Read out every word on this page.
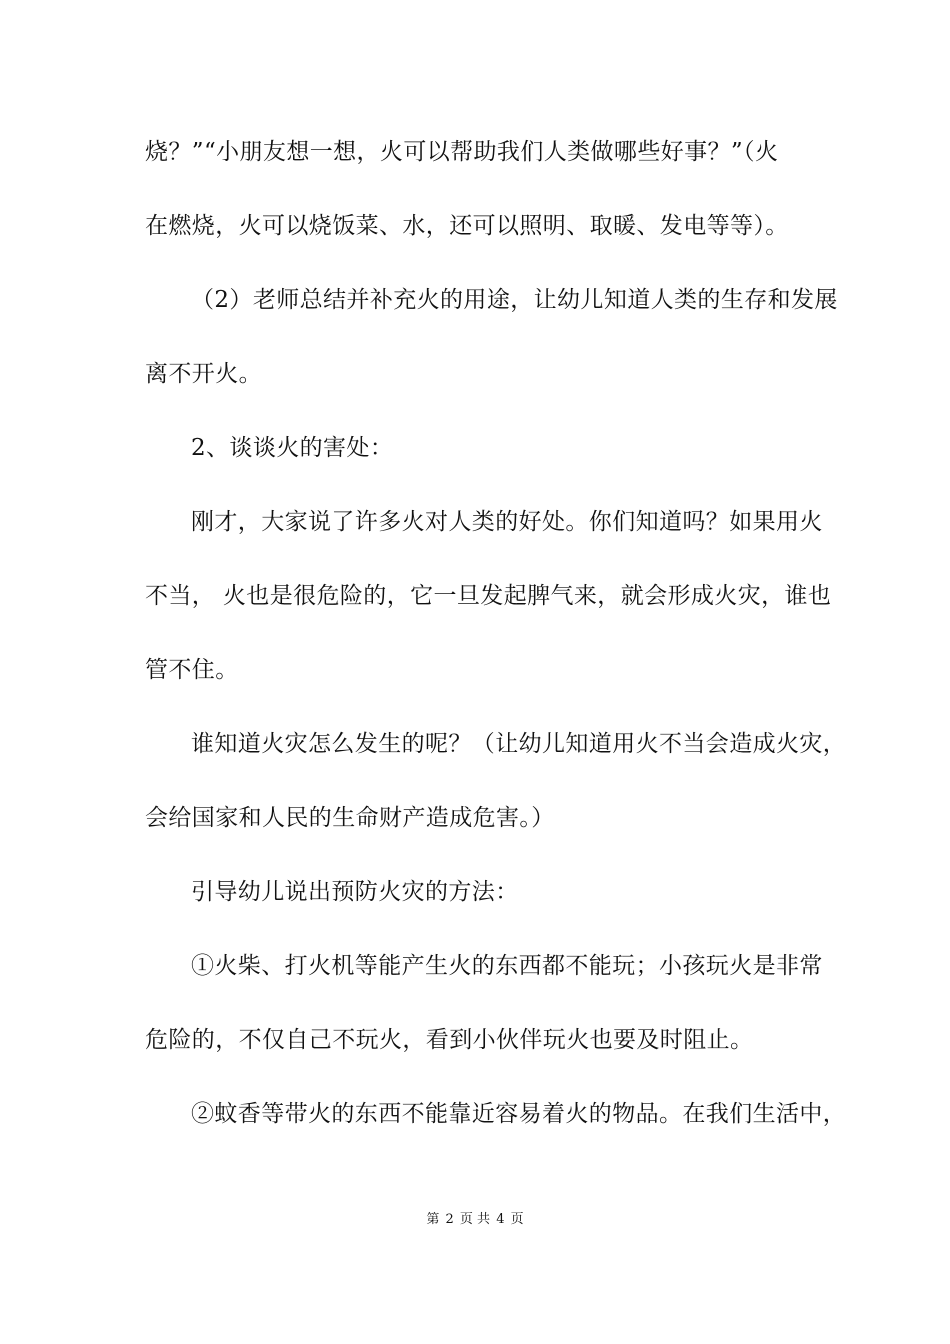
烧？”“小朋友想一想，火可以帮助我们人类做哪些好事？”（火
在燃烧，火可以烧饭菜、水，还可以照明、取暖、发电等等）。
（2）老师总结并补充火的用途，让幼儿知道人类的生存和发展
离不开火。
2、谈谈火的害处：
刚才，大家说了许多火对人类的好处。你们知道吗？如果用火
不当， 火也是很危险的，它一旦发起脾气来，就会形成火灾，谁也
管不住。
谁知道火灾怎么发生的呢？（让幼儿知道用火不当会造成火灾，
会给国家和人民的生命财产造成危害。）
引导幼儿说出预防火灾的方法：
①火柴、打火机等能产生火的东西都不能玩；小孩玩火是非常
危险的，不仅自己不玩火，看到小伙伴玩火也要及时阻止。
②蚊香等带火的东西不能靠近容易着火的物品。在我们生活中，
第 2 页 共 4 页
